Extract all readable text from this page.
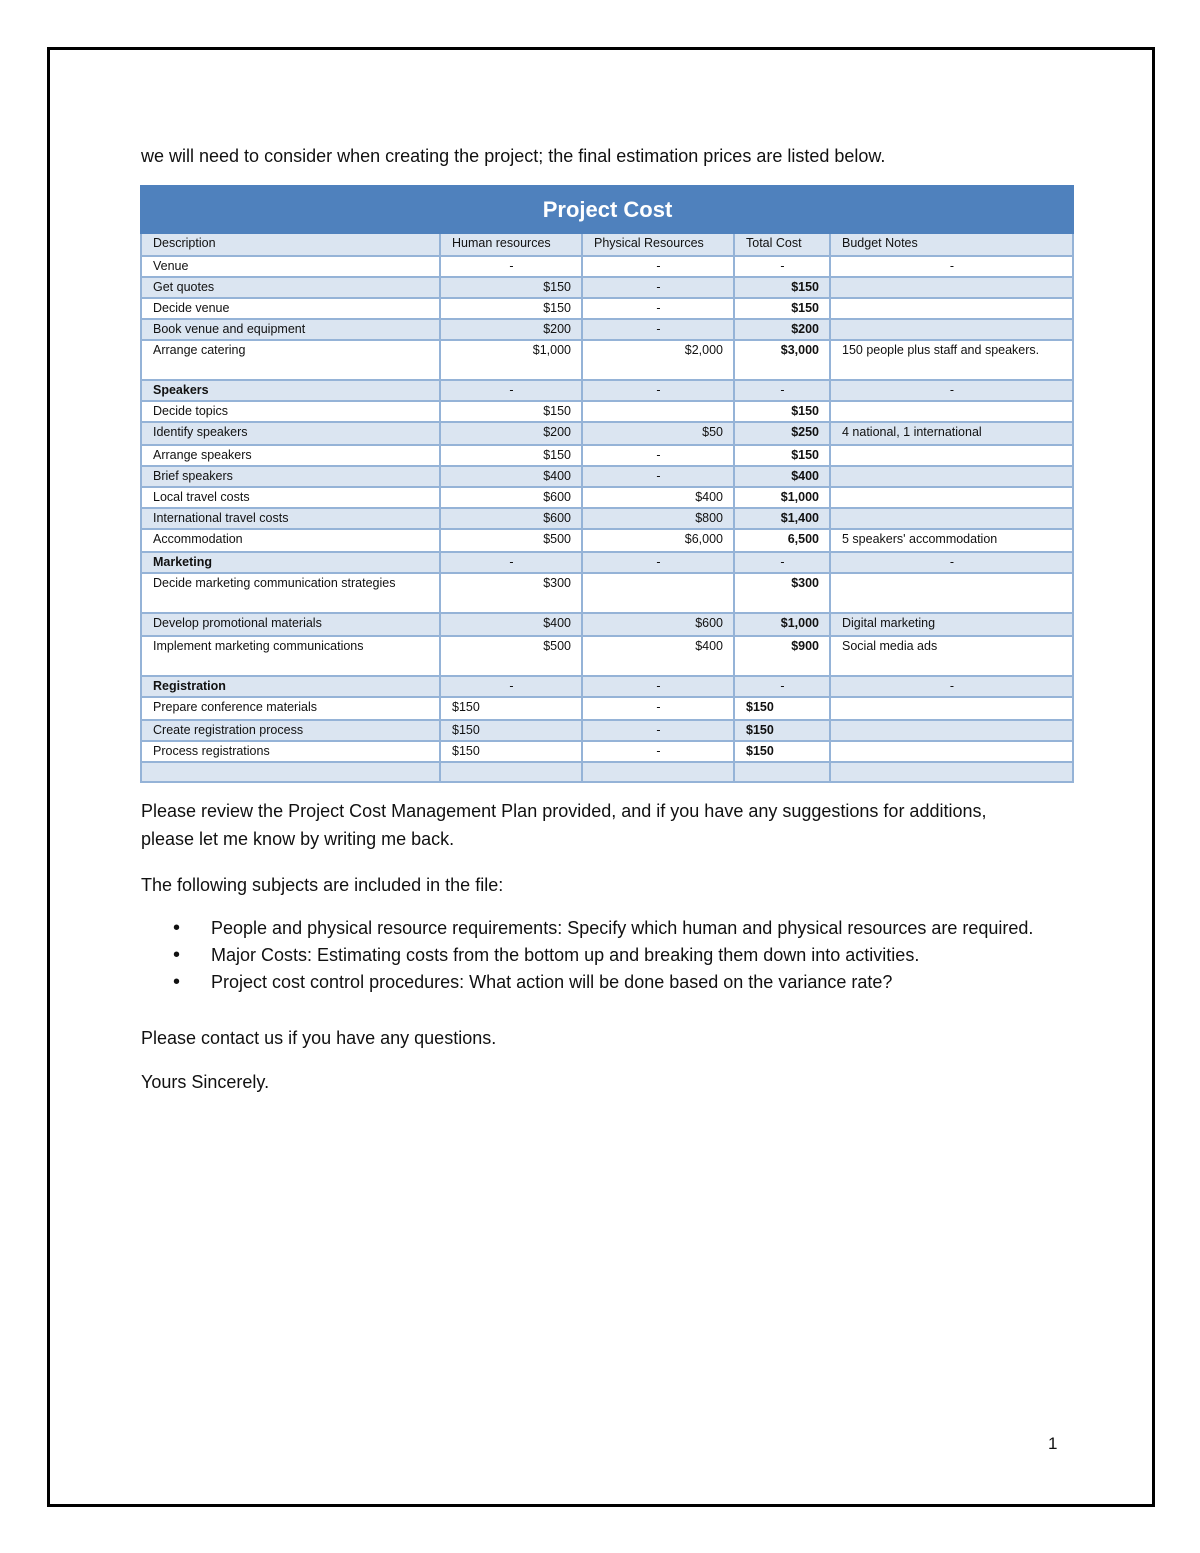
we will need to consider when creating the project; the final estimation prices are listed below.
Project Cost				
Description	Human resources	Physical Resources	Total Cost	Budget Notes
Venue	-	-	-	-
Get quotes	$150	-	$150	
Decide venue	$150	-	$150	
Book venue and equipment	$200	-	$200	
Arrange catering	$1,000	$2,000	$3,000	150 people plus staff and speakers.
Speakers	-	-	-	-
Decide topics	$150		$150	
Identify speakers	$200	$50	$250	4 national, 1 international
Arrange speakers	$150	-	$150	
Brief speakers	$400	-	$400	
Local travel costs	$600	$400	$1,000	
International travel costs	$600	$800	$1,400	
Accommodation	$500	$6,000	6,500	5 speakers' accommodation
Marketing	-	-	-	-
Decide marketing communication strategies	$300		$300	
Develop promotional materials	$400	$600	$1,000	Digital marketing
Implement marketing communications	$500	$400	$900	Social media ads
Registration	-	-	-	-
Prepare conference materials	$150	-	$150	
Create registration process	$150	-	$150	
Process registrations	$150	-	$150	

Please review the Project Cost Management Plan provided, and if you have any suggestions for additions, please let me know by writing me back.
The following subjects are included in the file:
• People and physical resource requirements: Specify which human and physical resources are required.
• Major Costs: Estimating costs from the bottom up and breaking them down into activities.
• Project cost control procedures: What action will be done based on the variance rate?
Please contact us if you have any questions.
Yours Sincerely.
1
